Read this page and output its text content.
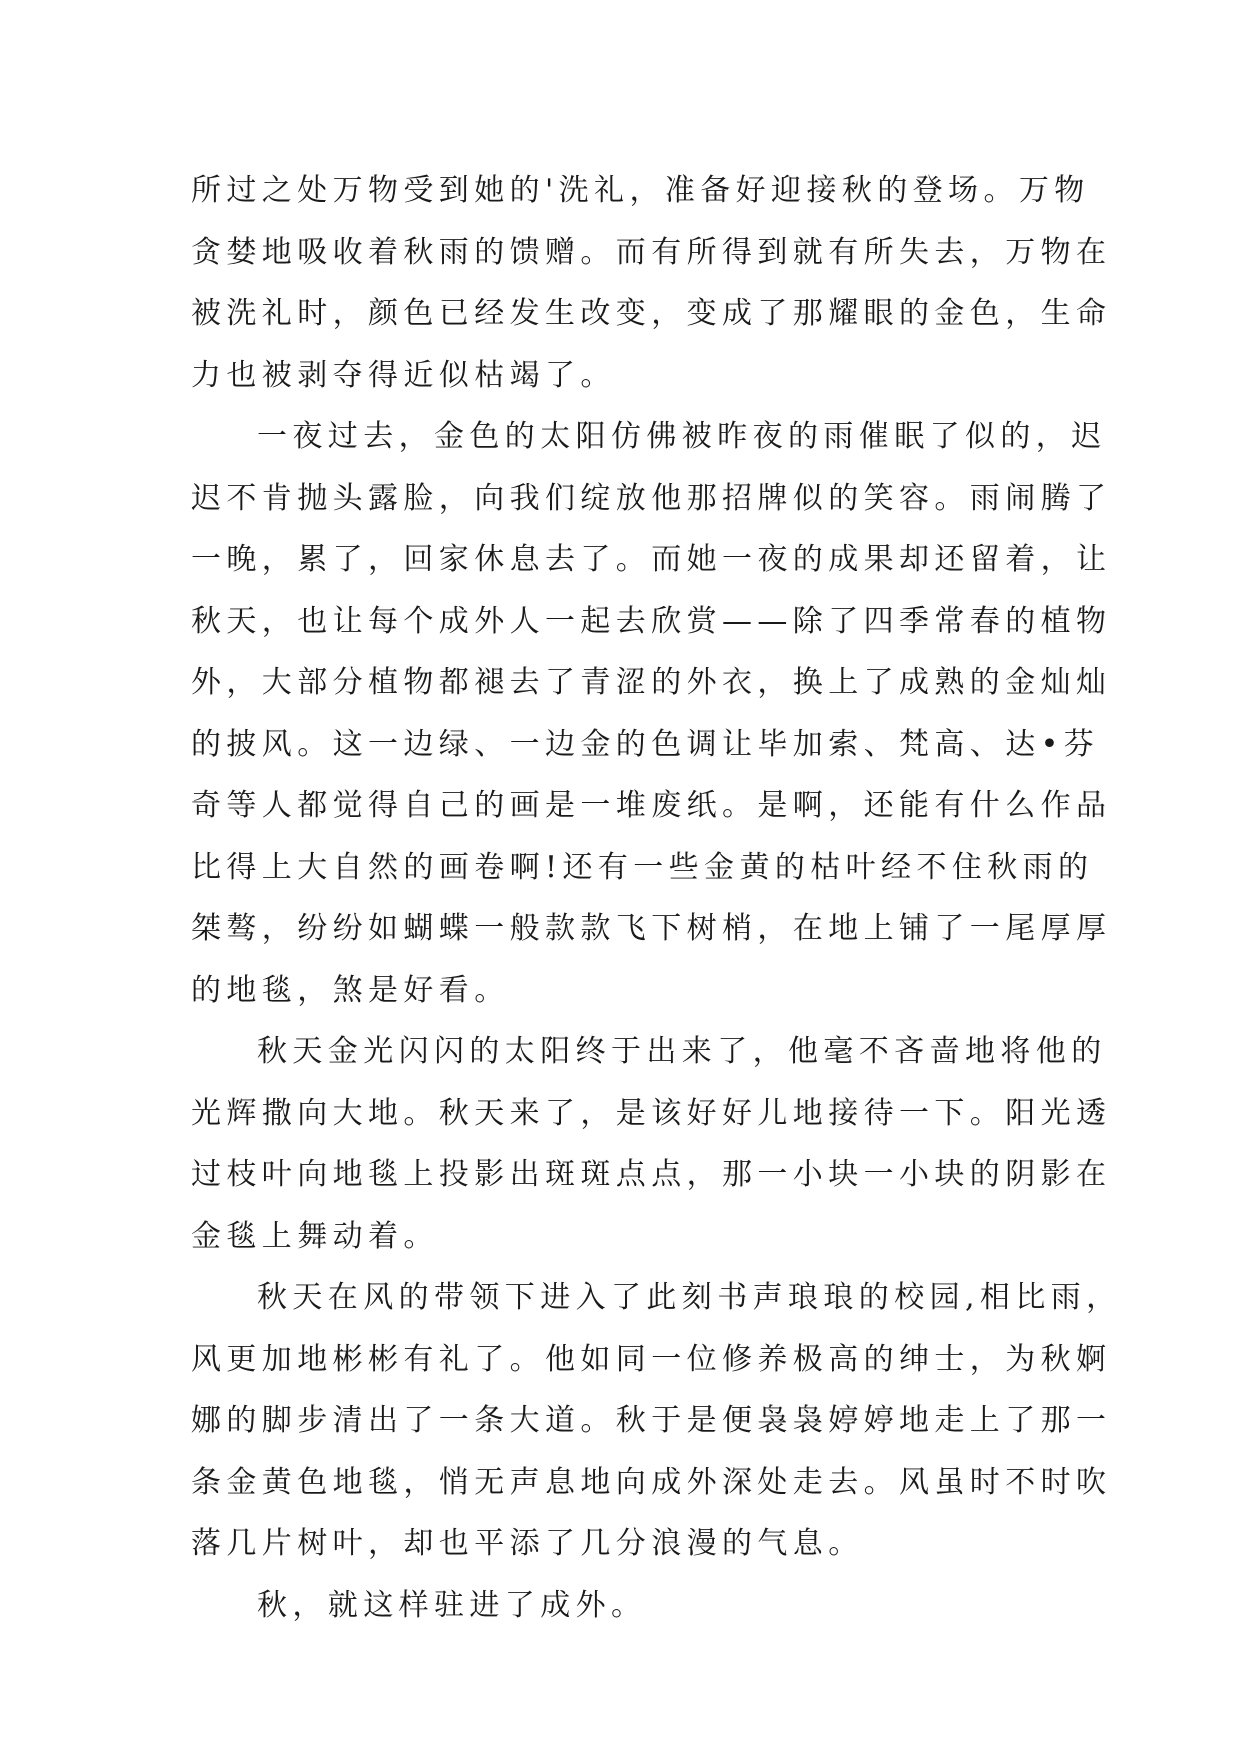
所过之处万物受到她的'洗礼，准备好迎接秋的登场。万物
贪婪地吸收着秋雨的馈赠。而有所得到就有所失去，万物在
被洗礼时，颜色已经发生改变，变成了那耀眼的金色，生命
力也被剥夺得近似枯竭了。
一夜过去，金色的太阳仿佛被昨夜的雨催眠了似的，迟
迟不肯抛头露脸，向我们绽放他那招牌似的笑容。雨闹腾了
一晚，累了，回家休息去了。而她一夜的成果却还留着，让
秋天，也让每个成外人一起去欣赏——除了四季常春的植物
外，大部分植物都褪去了青涩的外衣，换上了成熟的金灿灿
的披风。这一边绿、一边金的色调让毕加索、梵高、达•芬
奇等人都觉得自己的画是一堆废纸。是啊，还能有什么作品
比得上大自然的画卷啊!还有一些金黄的枯叶经不住秋雨的
桀骜，纷纷如蝴蝶一般款款飞下树梢，在地上铺了一尾厚厚
的地毯，煞是好看。
秋天金光闪闪的太阳终于出来了，他毫不吝啬地将他的
光辉撒向大地。秋天来了，是该好好儿地接待一下。阳光透
过枝叶向地毯上投影出斑斑点点，那一小块一小块的阴影在
金毯上舞动着。
秋天在风的带领下进入了此刻书声琅琅的校园,相比雨，
风更加地彬彬有礼了。他如同一位修养极高的绅士，为秋婀
娜的脚步清出了一条大道。秋于是便袅袅婷婷地走上了那一
条金黄色地毯，悄无声息地向成外深处走去。风虽时不时吹
落几片树叶，却也平添了几分浪漫的气息。
秋，就这样驻进了成外。
